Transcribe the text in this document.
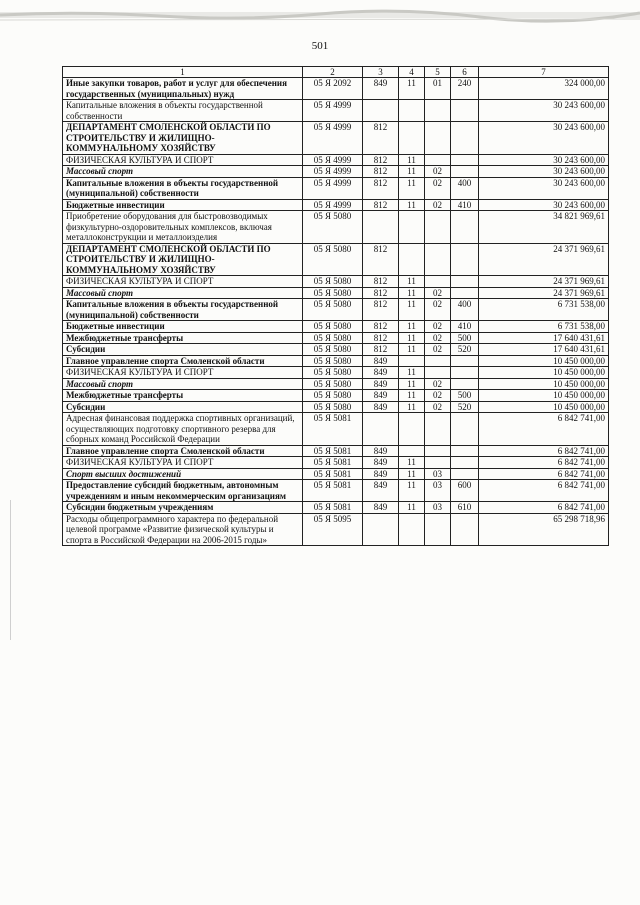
501
1	2	3	4	5	6	7
Иные закупки товаров, работ и услуг для обеспечения государственных (муниципальных) нужд	05 Я 2092	849	11	01	240	324 000,00
Капитальные вложения в объекты государственной собственности	05 Я 4999					30 243 600,00
ДЕПАРТАМЕНТ СМОЛЕНСКОЙ ОБЛАСТИ ПО СТРОИТЕЛЬСТВУ И ЖИЛИЩНО-КОММУНАЛЬНОМУ ХОЗЯЙСТВУ	05 Я 4999	812				30 243 600,00
ФИЗИЧЕСКАЯ КУЛЬТУРА И СПОРТ	05 Я 4999	812	11			30 243 600,00
Массовый спорт	05 Я 4999	812	11	02		30 243 600,00
Капитальные вложения в объекты государственной (муниципальной) собственности	05 Я 4999	812	11	02	400	30 243 600,00
Бюджетные инвестиции	05 Я 4999	812	11	02	410	30 243 600,00
Приобретение оборудования для быстровозводимых физкультурно-оздоровительных комплексов, включая металлоконструкции и металлоизделия	05 Я 5080					34 821 969,61
ДЕПАРТАМЕНТ СМОЛЕНСКОЙ ОБЛАСТИ ПО СТРОИТЕЛЬСТВУ И ЖИЛИЩНО-КОММУНАЛЬНОМУ ХОЗЯЙСТВУ	05 Я 5080	812				24 371 969,61
ФИЗИЧЕСКАЯ КУЛЬТУРА И СПОРТ	05 Я 5080	812	11			24 371 969,61
Массовый спорт	05 Я 5080	812	11	02		24 371 969,61
Капитальные вложения в объекты государственной (муниципальной) собственности	05 Я 5080	812	11	02	400	6 731 538,00
Бюджетные инвестиции	05 Я 5080	812	11	02	410	6 731 538,00
Межбюджетные трансферты	05 Я 5080	812	11	02	500	17 640 431,61
Субсидии	05 Я 5080	812	11	02	520	17 640 431,61
Главное управление спорта Смоленской области	05 Я 5080	849				10 450 000,00
ФИЗИЧЕСКАЯ КУЛЬТУРА И СПОРТ	05 Я 5080	849	11			10 450 000,00
Массовый спорт	05 Я 5080	849	11	02		10 450 000,00
Межбюджетные трансферты	05 Я 5080	849	11	02	500	10 450 000,00
Субсидии	05 Я 5080	849	11	02	520	10 450 000,00
Адресная финансовая поддержка спортивных организаций, осуществляющих подготовку спортивного резерва для сборных команд Российской Федерации	05 Я 5081					6 842 741,00
Главное управление спорта Смоленской области	05 Я 5081	849				6 842 741,00
ФИЗИЧЕСКАЯ КУЛЬТУРА И СПОРТ	05 Я 5081	849	11			6 842 741,00
Спорт высших достижений	05 Я 5081	849	11	03		6 842 741,00
Предоставление субсидий бюджетным, автономным учреждениям и иным некоммерческим организациям	05 Я 5081	849	11	03	600	6 842 741,00
Субсидии бюджетным учреждениям	05 Я 5081	849	11	03	610	6 842 741,00
Расходы общепрограммного характера по федеральной целевой программе «Развитие физической культуры и спорта в Российской Федерации на 2006-2015 годы»	05 Я 5095					65 298 718,96
